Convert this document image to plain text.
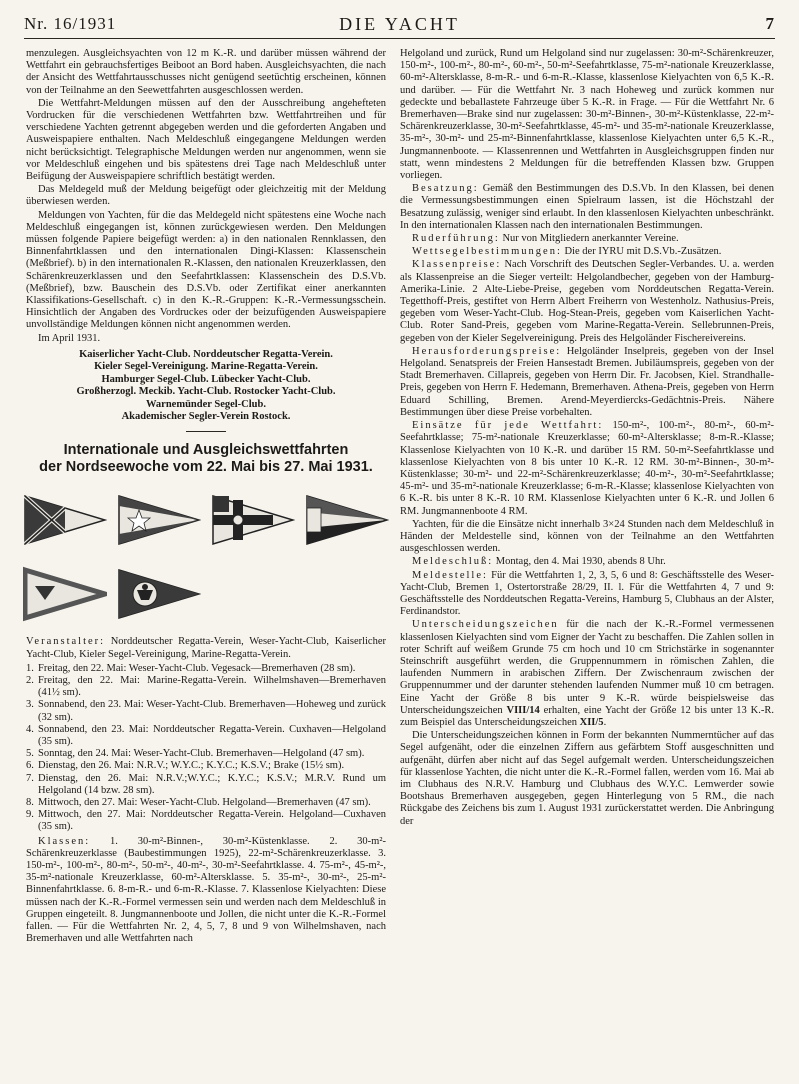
Nr. 16/1931	DIE YACHT	7

menzulegen. Ausgleichsyachten von 12 m K.-R. und darüber müssen während der Wettfahrt ein gebrauchsfertiges Beiboot an Bord haben. Ausgleichsyachten, die nach der Ansicht des Wettfahrtausschusses nicht genügend seetüchtig erscheinen, können von der Teilnahme an den Seewettfahrten ausgeschlossen werden.

Die Wettfahrt-Meldungen müssen auf den der Ausschreibung angehefteten Vordrucken für die verschiedenen Wettfahrten bzw. Wettfahrtreihen und für verschiedene Yachten getrennt abgegeben werden und die geforderten Angaben und Ausweispapiere enthalten. Nach Meldeschluß eingegangene Meldungen werden nicht berücksichtigt. Telegraphische Meldungen werden nur angenommen, wenn sie vor Meldeschluß eingehen und bis spätestens drei Tage nach Meldeschluß unter Beifügung der Ausweispapiere schriftlich bestätigt werden.

Das Meldegeld muß der Meldung beigefügt oder gleichzeitig mit der Meldung überwiesen werden.

Meldungen von Yachten, für die das Meldegeld nicht spätestens eine Woche nach Meldeschluß eingegangen ist, können zurückgewiesen werden. Den Meldungen müssen folgende Papiere beigefügt werden: a) in den nationalen Rennklassen, den Binnenfahrtklassen und den internationalen Dingi-Klassen: Klassenschein (Meßbrief). b) in den internationalen R.-Klassen, den nationalen Kreuzerklassen, den Schärenkreuzerklassen und den Seefahrtklassen: Klassenschein des D.S.Vb. (Meßbrief), bzw. Bauschein des D.S.Vb. oder Zertifikat einer anerkannten Klassifikations-Gesellschaft. c) in den K.-R.-Gruppen: K.-R.-Vermessungsschein. Hinsichtlich der Angaben des Vordruckes oder der beizufügenden Ausweispapiere unvollständige Meldungen können nicht angenommen werden.

Im April 1931.
Kaiserlicher Yacht-Club. Norddeutscher Regatta-Verein.
Kieler Segel-Vereinigung. Marine-Regatta-Verein.
Hamburger Segel-Club. Lübecker Yacht-Club.
Großherzogl. Meckib. Yacht-Club. Rostocker Yacht-Club.
Warnemünder Segel-Club.
Akademischer Segler-Verein Rostock.
Internationale und Ausgleichswettfahrten
der Nordseewoche vom 22. Mai bis 27. Mai 1931.

Veranstalter: Norddeutscher Regatta-Verein, Weser-Yacht-Club, Kaiserlicher Yacht-Club, Kieler Segel-Vereinigung, Marine-Regatta-Verein.

1. Freitag, den 22. Mai: Weser-Yacht-Club. Vegesack—Bremerhaven (28 sm).
2. Freitag, den 22. Mai: Marine-Regatta-Verein. Wilhelmshaven—Bremerhaven (41½ sm).
3. Sonnabend, den 23. Mai: Weser-Yacht-Club. Bremerhaven—Hoheweg und zurück (32 sm).
4. Sonnabend, den 23. Mai: Norddeutscher Regatta-Verein. Cuxhaven—Helgoland (35 sm).
5. Sonntag, den 24. Mai: Weser-Yacht-Club. Bremerhaven—Helgoland (47 sm).
6. Dienstag, den 26. Mai: N.R.V.; W.Y.C.; K.Y.C.; K.S.V.; Brake (15½ sm).
7. Dienstag, den 26. Mai: N.R.V.;W.Y.C.; K.Y.C.; K.S.V.; M.R.V. Rund um Helgoland (14 bzw. 28 sm).
8. Mittwoch, den 27. Mai: Weser-Yacht-Club. Helgoland—Bremerhaven (47 sm).
9. Mittwoch, den 27. Mai: Norddeutscher Regatta-Verein. Helgoland—Cuxhaven (35 sm).

Klassen: 1. 30-m²-Binnen-, 30-m²-Küstenklasse. 2. 30-m²-Schärenkreuzerklasse (Baubestimmungen 1925), 22-m²-Schärenkreuzerklasse. 3. 150-m²-, 100-m²-, 80-m²-, 50-m²-, 40-m²-, 30-m²-Seefahrtklasse. 4. 75-m²-, 45-m²-, 35-m²-nationale Kreuzerklasse, 60-m²-Altersklasse. 5. 35-m²-, 30-m²-, 25-m²-Binnenfahrtklasse. 6. 8-m-R.- und 6-m-R.-Klasse. 7. Klassenlose Kielyachten: Diese müssen nach der K.-R.-Formel vermessen sein und werden nach dem Meldeschluß in Gruppen eingeteilt. 8. Jungmannenboote und Jollen, die nicht unter die K.-R.-Formel fallen. — Für die Wettfahrten Nr. 2, 4, 5, 7, 8 und 9 von Wilhelmshaven, nach Bremerhaven und alle Wettfahrten nach

Helgoland und zurück, Rund um Helgoland sind nur zugelassen: 30-m²-Schärenkreuzer, 150-m²-, 100-m²-, 80-m²-, 60-m²-, 50-m²-Seefahrtklasse, 75-m²-nationale Kreuzerklasse, 60-m²-Altersklasse, 8-m-R.- und 6-m-R.-Klasse, klassenlose Kielyachten von 6,5 K.-R. und darüber. — Für die Wettfahrt Nr. 3 nach Hoheweg und zurück kommen nur gedeckte und beballastete Fahrzeuge über 5 K.-R. in Frage. — Für die Wettfahrt Nr. 6 Bremerhaven—Brake sind nur zugelassen: 30-m²-Binnen-, 30-m²-Küstenklasse, 22-m²-Schärenkreuzerklasse, 30-m²-Seefahrtklasse, 45-m²- und 35-m²-nationale Kreuzerklasse, 35-m²-, 30-m²- und 25-m²-Binnenfahrtklasse, klassenlose Kielyachten unter 6,5 K.-R., Jungmannenboote. — Klassenrennen und Wettfahrten in Ausgleichsgruppen finden nur statt, wenn mindestens 2 Meldungen für die betreffenden Klassen bzw. Gruppen vorliegen.

Besatzung: Gemäß den Bestimmungen des D.S.Vb. In den Klassen, bei denen die Vermessungsbestimmungen einen Spielraum lassen, ist die Höchstzahl der Besatzung zulässig, weniger sind erlaubt. In den klassenlosen Kielyachten unbeschränkt. In den internationalen Klassen nach den internationalen Bestimmungen.

Ruderführung: Nur von Mitgliedern anerkannter Vereine.

Wettsegelbestimmungen: Die der IYRU mit D.S.Vb.-Zusätzen.

Klassenpreise: Nach Vorschrift des Deutschen Segler-Verbandes. U. a. werden als Klassenpreise an die Sieger verteilt: Helgolandbecher, gegeben von der Hamburg-Amerika-Linie. 2 Alte-Liebe-Preise, gegeben vom Norddeutschen Regatta-Verein. Tegetthoff-Preis, gestiftet von Herrn Albert Freiherrn von Westenholz. Nathusius-Preis, gegeben vom Weser-Yacht-Club. Hog-Stean-Preis, gegeben vom Kaiserlichen Yacht-Club. Roter Sand-Preis, gegeben vom Marine-Regatta-Verein. Sellebrunnen-Preis, gegeben von der Kieler Segelvereinigung. Preis des Helgoländer Fischereivereins.

Herausforderungspreise: Helgoländer Inselpreis, gegeben von der Insel Helgoland. Senatspreis der Freien Hansestadt Bremen. Jubiläumspreis, gegeben von der Stadt Bremerhaven. Cillapreis, gegeben von Herrn Dir. Fr. Jacobsen, Kiel. Strandhalle-Preis, gegeben von Herrn F. Hedemann, Bremerhaven. Athena-Preis, gegeben von Herrn Eduard Schilling, Bremen. Arend-Meyerdiercks-Gedächtnis-Preis. Nähere Bestimmungen über diese Preise vorbehalten.

Einsätze für jede Wettfahrt: 150-m²-, 100-m²-, 80-m²-, 60-m²-Seefahrtklasse; 75-m²-nationale Kreuzerklasse; 60-m²-Altersklasse; 8-m-R.-Klasse; Klassenlose Kielyachten von 10 K.-R. und darüber 15 RM. 50-m²-Seefahrtklasse und klassenlose Kielyachten von 8 bis unter 10 K.-R. 12 RM. 30-m²-Binnen-, 30-m²-Küstenklasse; 30-m²- und 22-m²-Schärenkreuzerklasse; 40-m²-, 30-m²-Seefahrtklasse; 45-m²- und 35-m²-nationale Kreuzerklasse; 6-m-R.-Klasse; klassenlose Kielyachten von 6 K.-R. bis unter 8 K.-R. 10 RM. Klassenlose Kielyachten unter 6 K.-R. und Jollen 6 RM. Jungmannenboote 4 RM.

Yachten, für die die Einsätze nicht innerhalb 3×24 Stunden nach dem Meldeschluß in Händen der Meldestelle sind, können von der Teilnahme an den Wettfahrten ausgeschlossen werden.

Meldeschluß: Montag, den 4. Mai 1930, abends 8 Uhr.

Meldestelle: Für die Wettfahrten 1, 2, 3, 5, 6 und 8: Geschäftsstelle des Weser-Yacht-Club, Bremen 1, Ostertorstraße 28/29, II. l. Für die Wettfahrten 4, 7 und 9: Geschäftsstelle des Norddeutschen Regatta-Vereins, Hamburg 5, Clubhaus an der Alster, Ferdinandstor.

Unterscheidungszeichen für die nach der K.-R.-Formel vermessenen klassenlosen Kielyachten sind vom Eigner der Yacht zu beschaffen. Die Zahlen sollen in roter Schrift auf weißem Grunde 75 cm hoch und 10 cm Strichstärke in sogenannter Steinschrift ausgeführt werden, die Gruppennummern in römischen Zahlen, die laufenden Nummern in arabischen Ziffern. Der Zwischenraum zwischen der Gruppennummer und der darunter stehenden laufenden Nummer muß 10 cm betragen. Eine Yacht der Größe 8 bis unter 9 K.-R. würde beispielsweise das Unterscheidungszeichen VIII/14 erhalten, eine Yacht der Größe 12 bis unter 13 K.-R. zum Beispiel das Unterscheidungszeichen XII/5.

Die Unterscheidungszeichen können in Form der bekannten Nummerntücher auf das Segel aufgenäht, oder die einzelnen Ziffern aus gefärbtem Stoff ausgeschnitten und aufgenäht, dürfen aber nicht auf das Segel aufgemalt werden. Unterscheidungszeichen für klassenlose Yachten, die nicht unter die K.-R.-Formel fallen, werden vom 16. Mai ab im Clubhaus des N.R.V. Hamburg und Clubhaus des W.Y.C. Lemwerder sowie Bootshaus Bremerhaven ausgegeben, gegen Hinterlegung von 5 RM., die nach Rückgabe des Zeichens bis zum 1. August 1931 zurückerstattet werden. Die Anbringung der
